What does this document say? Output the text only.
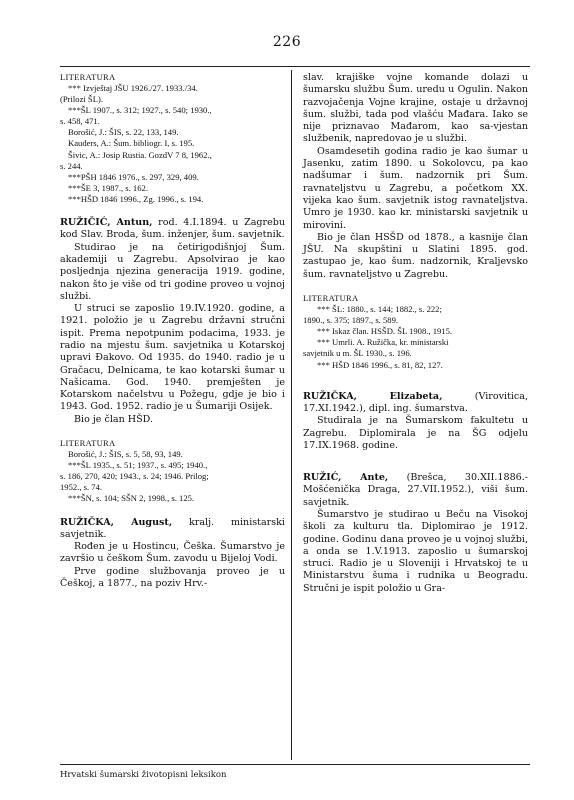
226

LITERATURA

*** Izvještaj JŠU 1926./27. 1933./34.

(Prilozi ŠL).

***ŠL 1907., s. 312; 1927., s. 540; 1930.,

s. 458, 471.

Borošić, J.: ŠIS, s. 22, 133, 149.

Kauders, A.: Šum. bibliogr. I, s. 195.

Šivic, A.: Josip Rustia. GozdV 7 8, 1962.,

s. 244.

***PŠH 1846 1976., s. 297, 329, 409.

***ŠE 3, 1987., s. 162.

***HŠD 1846 1996., Zg. 1996., s. 194.

RUŽIČIĆ, Antun, rod. 4.I.1894. u Zagrebu kod Slav. Broda, šum. inženjer, šum. savjetnik.

Studirao je na četirigodišnjoj Šum. akademiji u Zagrebu. Apsolvirao je kao posljednja njezina generacija 1919. godine, nakon što je više od tri godine proveo u vojnoj službi.

U struci se zaposlio 19.IV.1920. godine, a 1921. položio je u Zagrebu državni stručni ispit. Prema nepotpunim podacima, 1933. je radio na mjestu šum. savjetnika u Kotarskoj upravi Đakovo. Od 1935. do 1940. radio je u Gračacu, Delnicama, te kao kotarski šumar u Našicama. God. 1940. premješten je Kotarskom načelstvu u Požegu, gdje je bio i 1943. God. 1952. radio je u Šumariji Osijek.

Bio je član HŠD.

LITERATURA

Borošić, J.: ŠIS, s. 5, 58, 93, 149.

***ŠL 1935., s. 51; 1937., s. 495; 1940.,

s. 186, 270, 420; 1943., s. 24; 1946. Prilog;

1952., s. 74.

***ŠN, s. 104; SŠN 2, 1998., s. 125.

RUŽIČKA, August, kralj. ministarski savjetnik.

Rođen je u Hostincu, Češka. Šumarstvo je završio u češkom Šum. zavodu u Bijeloj Vodi.

Prve godine službovanja proveo je u Češkoj, a 1877., na poziv Hrv.-

slav. krajiške vojne komande dolazi u šumarsku službu Šum. uredu u Ogulin. Nakon razvojačenja Vojne krajine, ostaje u državnoj šum. službi, tada pod vlašću Mađara. Iako se nije priznavao Mađarom, kao sa-vjestan službenik, napredovao je u službi.

Osamdesetih godina radio je kao šumar u Jasenku, zatim 1890. u Sokolovcu, pa kao nadšumar i šum. nadzornik pri Šum. ravnateljstvu u Zagrebu, a početkom XX. vijeka kao šum. savjetnik istog ravnateljstva. Umro je 1930. kao kr. ministarski savjetnik u mirovini.

Bio je član HSŠD od 1878., a kasnije član JŠU. Na skupštini u Slatini 1895. god. zastupao je, kao šum. nadzornik, Kraljevsko šum. ravnateljstvo u Zagrebu.

LITERATURA

*** ŠL: 1880., s. 144; 1882., s. 222;

1890., s. 375; 1897., s. 589.

*** Iskaz član. HSŠD. ŠL 1908., 1915.

*** Umrli. A. Ružička, kr. ministarski

savjetnik u m. ŠL 1930., s. 196.

*** HŠD 1846 1996., s. 81, 82, 127.

RUŽIČKA, Elizabeta, (Virovitica, 17.XI.1942.), dipl. ing. šumarstva.

Studirala je na Šumarskom fakultetu u Zagrebu. Diplomirala je na ŠG odjelu 17.IX.1968. godine.

RUŽIĆ, Ante, (Brešca, 30.XII.1886.- Mošćenička Draga, 27.VII.1952.), viši šum. savjetnik.

Šumarstvo je studirao u Beču na Visokoj školi za kulturu tla. Diplomirao je 1912. godine. Godinu dana proveo je u vojnoj službi, a onda se 1.V.1913. zaposlio u šumarskoj struci. Radio je u Sloveniji i Hrvatskoj te u Ministarstvu šuma i rudnika u Beogradu. Stručni je ispit položio u Gra-

Hrvatski šumarski životopisni leksikon
